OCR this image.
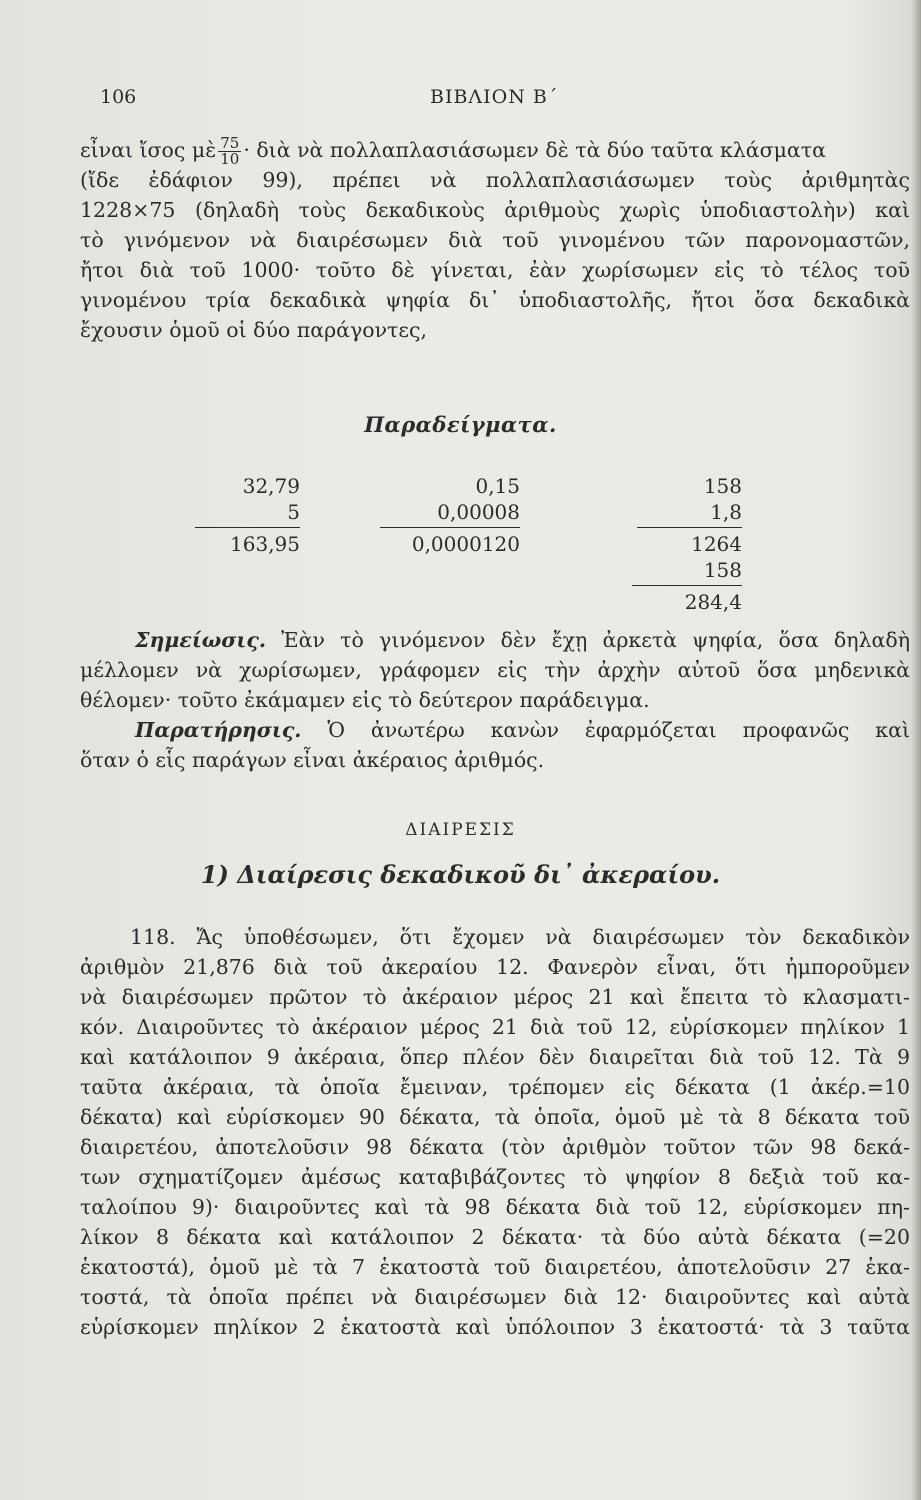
106	ΒΙΒΛΙΟΝ Β΄
εἶναι ἴσος μὲ $\frac{75}{10}$ · διὰ νὰ πολλαπλασιάσωμεν δὲ τὰ δύο ταῦτα κλάσματα
(ἴδε ἐδάφιον 99), πρέπει νὰ πολλαπλασιάσωμεν τοὺς ἀριθμητὰς
1228×75 (δηλαδὴ τοὺς δεκαδικοὺς ἀριθμοὺς χωρὶς ὑποδιαστολὴν) καὶ
τὸ γινόμενον νὰ διαιρέσωμεν διὰ τοῦ γινομένου τῶν παρονομαστῶν,
ἤτοι διὰ τοῦ 1000· τοῦτο δὲ γίνεται, ἐὰν χωρίσωμεν εἰς τὸ τέλος τοῦ
γινομένου τρία δεκαδικὰ ψηφία δι᾿ ὑποδιαστολῆς, ἤτοι ὅσα δεκαδικὰ
ἔχουσιν ὁμοῦ οἱ δύο παράγοντες,
Παραδείγματα.
32,79
5
163,95
0,15
0,00008
0,0000120
158
1,8
1264
158
284,4
Σημείωσις. Ἐὰν τὸ γινόμενον δὲν ἔχῃ ἀρκετὰ ψηφία, ὅσα δηλαδὴ
μέλλομεν νὰ χωρίσωμεν, γράφομεν εἰς τὴν ἀρχὴν αὐτοῦ ὅσα μηδενικὰ
θέλομεν· τοῦτο ἐκάμαμεν εἰς τὸ δεύτερον παράδειγμα.
Παρατήρησις. Ὁ ἀνωτέρω κανὼν ἐφαρμόζεται προφανῶς καὶ
ὅταν ὁ εἷς παράγων εἶναι ἀκέραιος ἀριθμός.
ΔΙΑΙΡΕΣΙΣ
1) Διαίρεσις δεκαδικοῦ δι᾿ ἀκεραίου.
118. Ἄς ὑποθέσωμεν, ὅτι ἔχομεν νὰ διαιρέσωμεν τὸν δεκαδικὸν
ἀριθμὸν 21,876 διὰ τοῦ ἀκεραίου 12. Φανερὸν εἶναι, ὅτι ἠμποροῦμεν
νὰ διαιρέσωμεν πρῶτον τὸ ἀκέραιον μέρος 21 καὶ ἔπειτα τὸ κλασματι-
κόν. Διαιροῦντες τὸ ἀκέραιον μέρος 21 διὰ τοῦ 12, εὑρίσκομεν πηλίκον 1
καὶ κατάλοιπον 9 ἀκέραια, ὅπερ πλέον δὲν διαιρεῖται διὰ τοῦ 12. Τὰ 9
ταῦτα ἀκέραια, τὰ ὁποῖα ἔμειναν, τρέπομεν εἰς δέκατα (1 ἀκέρ.=10
δέκατα) καὶ εὑρίσκομεν 90 δέκατα, τὰ ὁποῖα, ὁμοῦ μὲ τὰ 8 δέκατα τοῦ
διαιρετέου, ἀποτελοῦσιν 98 δέκατα (τὸν ἀριθμὸν τοῦτον τῶν 98 δεκά-
των σχηματίζομεν ἀμέσως καταβιβάζοντες τὸ ψηφίον 8 δεξιὰ τοῦ κα-
ταλοίπου 9)· διαιροῦντες καὶ τὰ 98 δέκατα διὰ τοῦ 12, εὑρίσκομεν πη-
λίκον 8 δέκατα καὶ κατάλοιπον 2 δέκατα· τὰ δύο αὐτὰ δέκατα (=20
ἑκατοστά), ὁμοῦ μὲ τὰ 7 ἑκατοστὰ τοῦ διαιρετέου, ἀποτελοῦσιν 27 ἑκα-
τοστά, τὰ ὁποῖα πρέπει νὰ διαιρέσωμεν διὰ 12· διαιροῦντες καὶ αὐτὰ
εὑρίσκομεν πηλίκον 2 ἑκατοστὰ καὶ ὑπόλοιπον 3 ἑκατοστά· τὰ 3 ταῦτα
